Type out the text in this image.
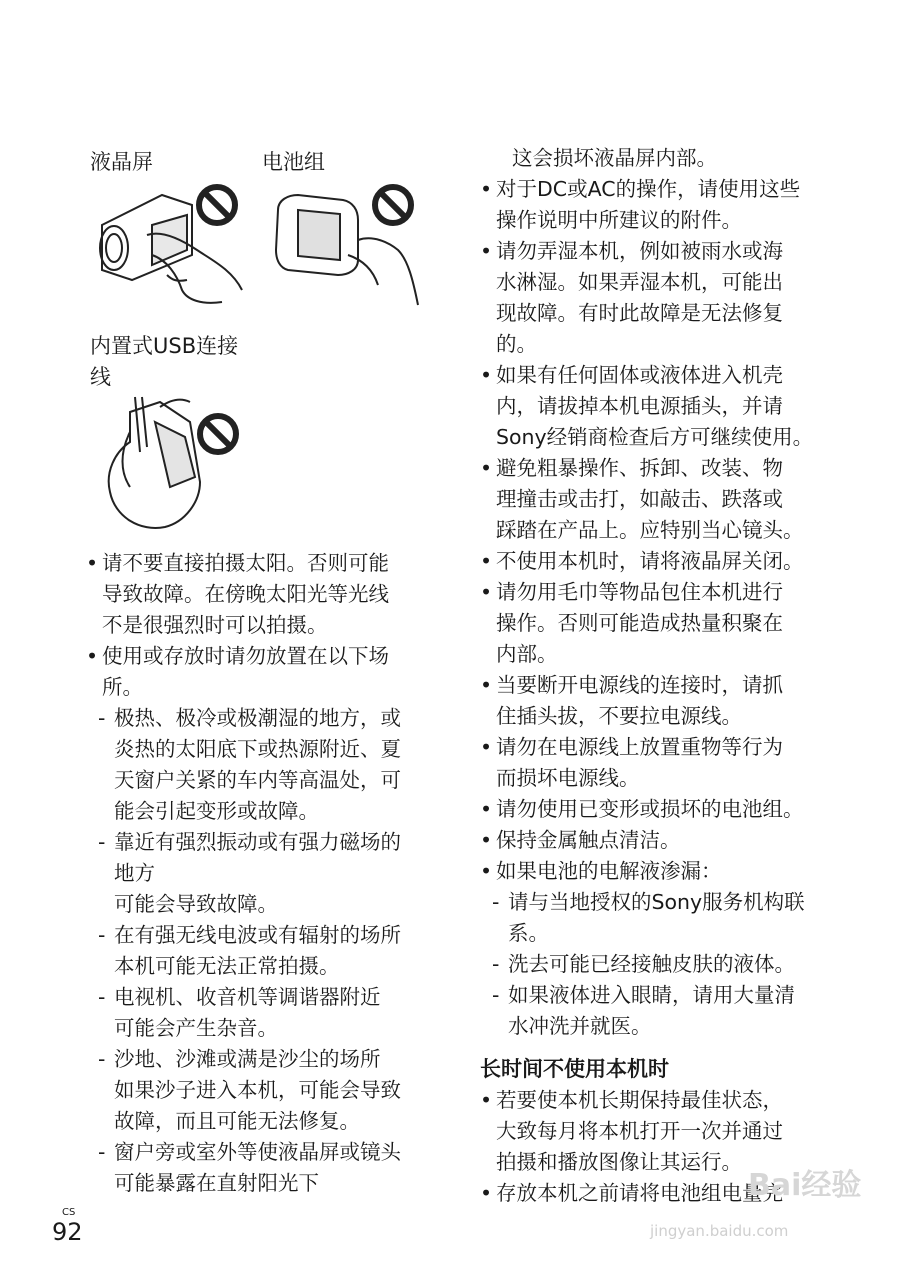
液晶屏	电池组
内置式USB连接
线
• 请不要直接拍摄太阳。否则可能
导致故障。在傍晚太阳光等光线
不是很强烈时可以拍摄。
• 使用或存放时请勿放置在以下场
所。
- 极热、极冷或极潮湿的地方，或
炎热的太阳底下或热源附近、夏
天窗户关紧的车内等高温处，可
能会引起变形或故障。
- 靠近有强烈振动或有强力磁场的
地方
可能会导致故障。
- 在有强无线电波或有辐射的场所
本机可能无法正常拍摄。
- 电视机、收音机等调谐器附近
可能会产生杂音。
- 沙地、沙滩或满是沙尘的场所
如果沙子进入本机，可能会导致
故障，而且可能无法修复。
- 窗户旁或室外等使液晶屏或镜头
可能暴露在直射阳光下
这会损坏液晶屏内部。
• 对于DC或AC的操作，请使用这些
操作说明中所建议的附件。
• 请勿弄湿本机，例如被雨水或海
水淋湿。如果弄湿本机，可能出
现故障。有时此故障是无法修复
的。
• 如果有任何固体或液体进入机壳
内，请拔掉本机电源插头，并请
Sony经销商检查后方可继续使用。
• 避免粗暴操作、拆卸、改装、物
理撞击或击打，如敲击、跌落或
踩踏在产品上。应特别当心镜头。
• 不使用本机时，请将液晶屏关闭。
• 请勿用毛巾等物品包住本机进行
操作。否则可能造成热量积聚在
内部。
• 当要断开电源线的连接时，请抓
住插头拔，不要拉电源线。
• 请勿在电源线上放置重物等行为
而损坏电源线。
• 请勿使用已变形或损坏的电池组。
• 保持金属触点清洁。
• 如果电池的电解液渗漏：
- 请与当地授权的Sony服务机构联
系。
- 洗去可能已经接触皮肤的液体。
- 如果液体进入眼睛，请用大量清
水冲洗并就医。
长时间不使用本机时
• 若要使本机长期保持最佳状态，
大致每月将本机打开一次并通过
拍摄和播放图像让其运行。
• 存放本机之前请将电池组电量完
CS
92
Bai经验
jingyan.baidu.com
